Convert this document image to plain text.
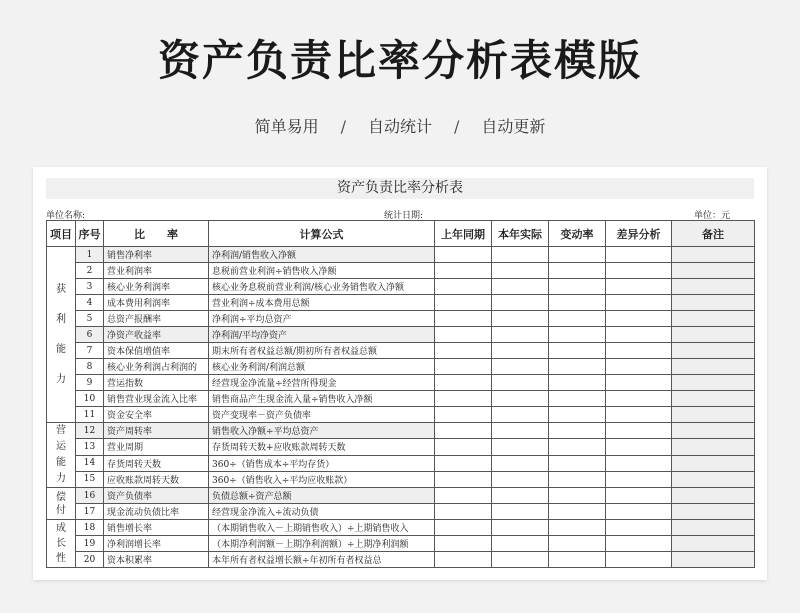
资产负责比率分析表模版
简单易用 / 自动统计 / 自动更新
资产负责比率分析表
单位名称:	统计日期:	单位：元
项目	序号	比　　率	计算公式	上年同期	本年实际	变动率	差异分析	备注
获利能力	1	销售净利率	净利润/销售收入净额					
	2	营业利润率	息税前营业利润÷销售收入净额					
	3	核心业务利润率	核心业务息税前营业利润/核心业务销售收入净额					
	4	成本费用利润率	营业利润÷成本费用总额					
	5	总资产报酬率	净利润÷平均总资产					
	6	净资产收益率	净利润/平均净资产					
	7	资本保值增值率	期末所有者权益总额/期初所有者权益总额					
	8	核心业务利润占利润的	核心业务利润/利润总额					
	9	营运指数	经营现金净流量÷经营所得现金					
	10	销售营业现金流入比率	销售商品产生现金流入量÷销售收入净额					
	11	资金安全率	资产变现率－资产负债率					
营运能力	12	资产周转率	销售收入净额÷平均总资产					
	13	营业周期	存货周转天数+应收账款周转天数					
	14	存货周转天数	360÷（销售成本÷平均存货）					
	15	应收账款周转天数	360÷（销售收入÷平均应收账款）					
偿付	16	资产负债率	负债总额÷资产总额					
	17	现金流动负债比率	经营现金净流入÷流动负债					
成长性	18	销售增长率	（本期销售收入－上期销售收入）÷上期销售收入					
	19	净利润增长率	（本期净利润额－上期净利润额）÷上期净利润额					
	20	资本积累率	本年所有者权益增长额÷年初所有者权益总					
